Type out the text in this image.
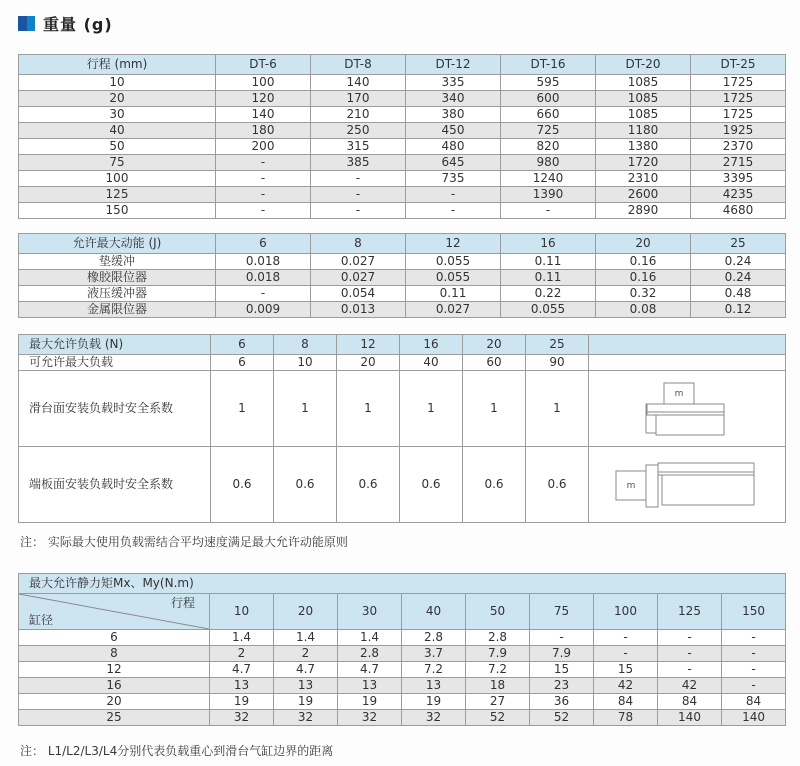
重量 (g)
行程 (mm)	DT-6	DT-8	DT-12	DT-16	DT-20	DT-25
10	100	140	335	595	1085	1725
20	120	170	340	600	1085	1725
30	140	210	380	660	1085	1725
40	180	250	450	725	1180	1925
50	200	315	480	820	1380	2370
75	-	385	645	980	1720	2715
100	-	-	735	1240	2310	3395
125	-	-	-	1390	2600	4235
150	-	-	-	-	2890	4680
允许最大动能 (J)	6	8	12	16	20	25
垫缓冲	0.018	0.027	0.055	0.11	0.16	0.24
橡胶限位器	0.018	0.027	0.055	0.11	0.16	0.24
液压缓冲器	-	0.054	0.11	0.22	0.32	0.48
金属限位器	0.009	0.013	0.027	0.055	0.08	0.12
最大允许负载 (N)	6	8	12	16	20	25	
可允许最大负载	6	10	20	40	60	90	
滑台面安装负载时安全系数	1	1	1	1	1	1	m

端板面安装负载时安全系数	0.6	0.6	0.6	0.6	0.6	0.6	m
注： 实际最大使用负载需结合平均速度满足最大允许动能原则
最大允许静力矩Mx、My(N.m)									

行程
缸径	10	20	30	40	50	75	100	125	150
6	1.4	1.4	1.4	2.8	2.8	-	-	-	-
8	2	2	2.8	3.7	7.9	7.9	-	-	-
12	4.7	4.7	4.7	7.2	7.2	15	15	-	-
16	13	13	13	13	18	23	42	42	-
20	19	19	19	19	27	36	84	84	84
25	32	32	32	32	52	52	78	140	140
注： L1/L2/L3/L4分别代表负载重心到滑台气缸边界的距离
